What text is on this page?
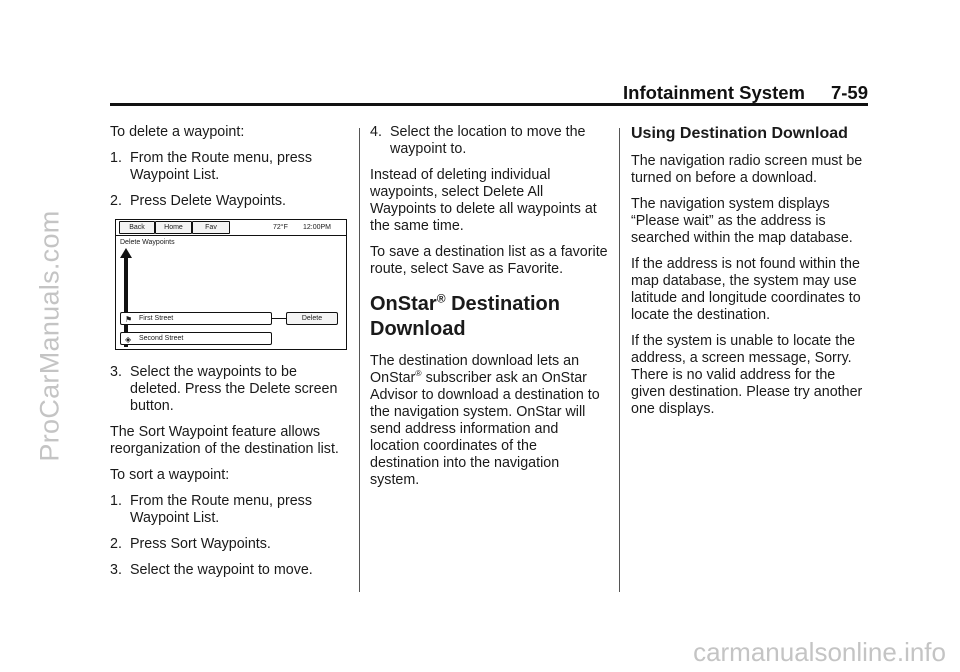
ProCarManuals.com
carmanualsonline.info
Infotainment System 7-59

To delete a waypoint:

1. From the Route menu, press Waypoint List.

2. Press Delete Waypoints.

Back	Home	Fav	72°F 12:00PM
Delete Waypoints
⚑ First Street	Delete
◈ Second Street

3. Select the waypoints to be deleted. Press the Delete screen button.

The Sort Waypoint feature allows reorganization of the destination list.

To sort a waypoint:

1. From the Route menu, press Waypoint List.

2. Press Sort Waypoints.

3. Select the waypoint to move.

4. Select the location to move the waypoint to.

Instead of deleting individual waypoints, select Delete All Waypoints to delete all waypoints at the same time.

To save a destination list as a favorite route, select Save as Favorite.

OnStar® Destination Download

The destination download lets an OnStar® subscriber ask an OnStar Advisor to download a destination to the navigation system. OnStar will send address information and location coordinates of the destination into the navigation system.

Using Destination Download

The navigation radio screen must be turned on before a download.

The navigation system displays “Please wait” as the address is searched within the map database.

If the address is not found within the map database, the system may use latitude and longitude coordinates to locate the destination.

If the system is unable to locate the address, a screen message, Sorry. There is no valid address for the given destination. Please try another one displays.
